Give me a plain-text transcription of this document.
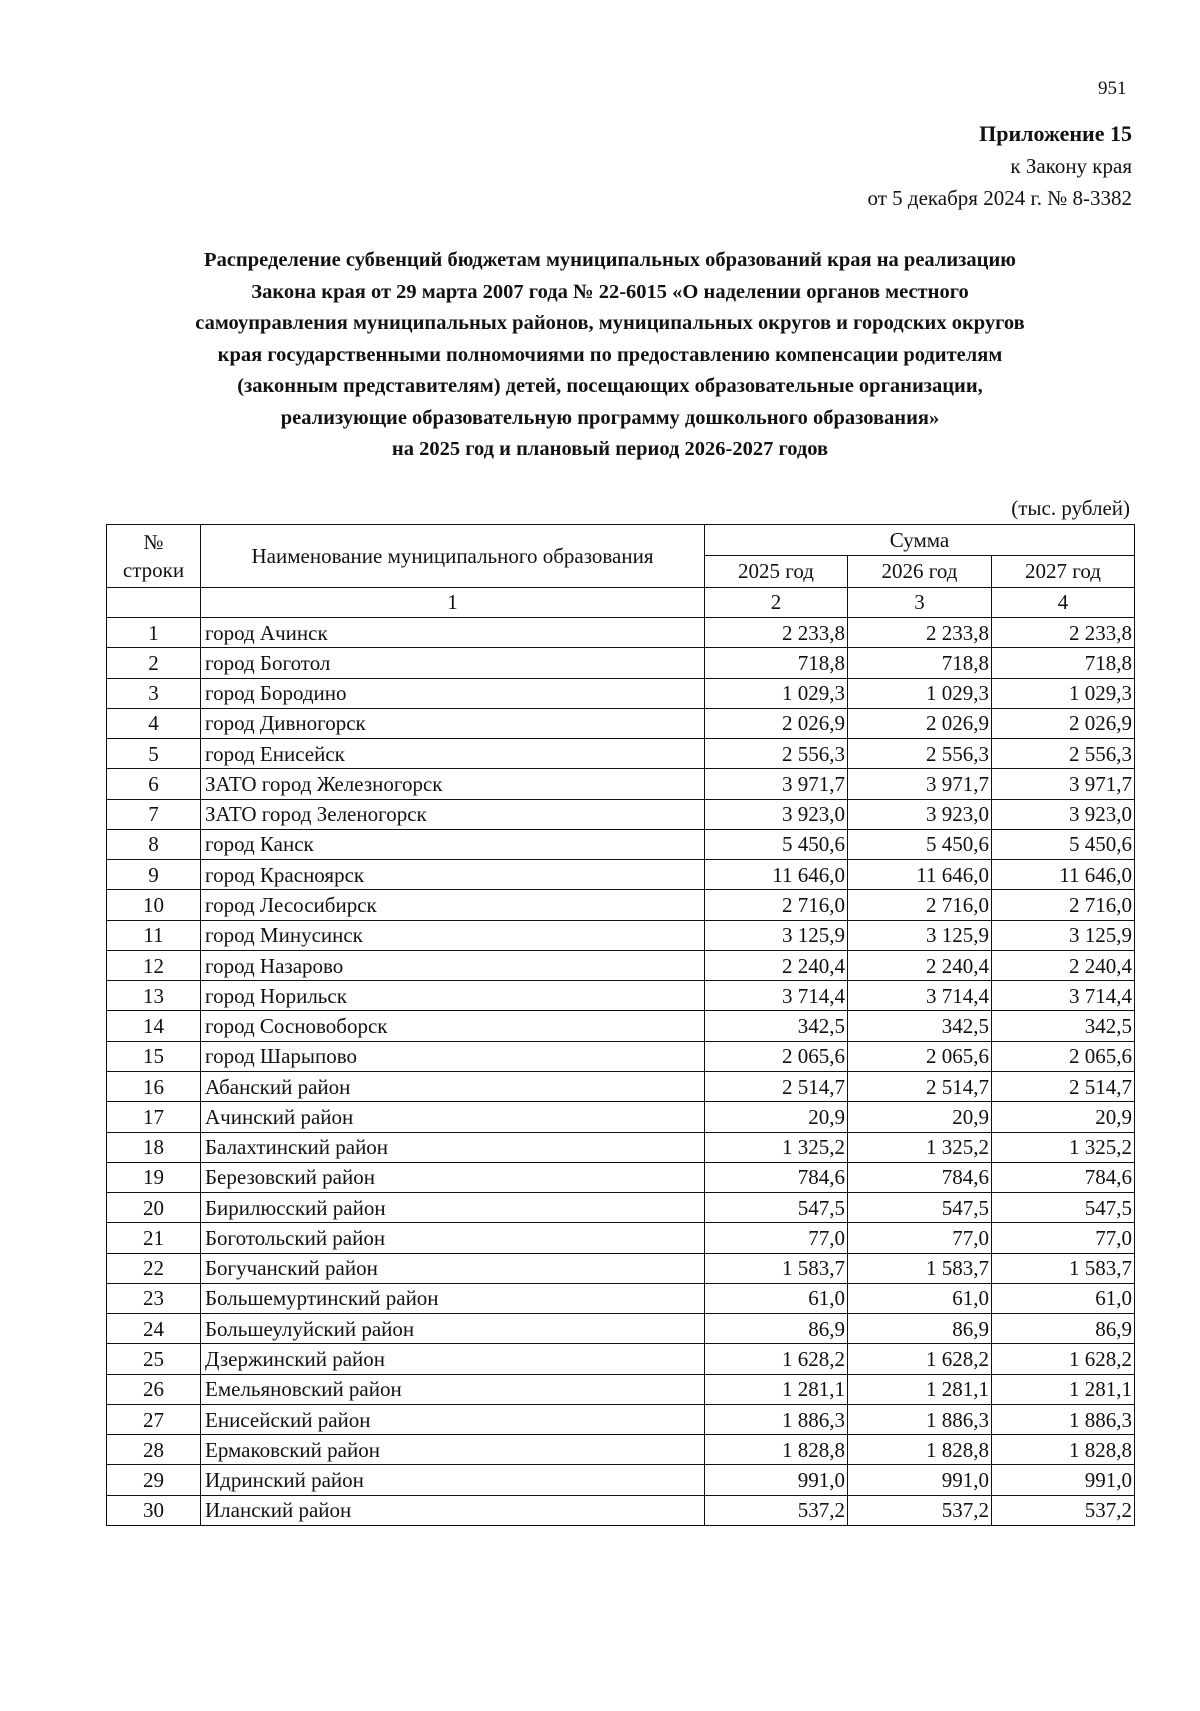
951
Приложение 15
к Закону края
от 5 декабря 2024 г. № 8-3382
Распределение субвенций бюджетам муниципальных образований края на реализацию
Закона края от 29 марта 2007 года № 22-6015 «О наделении органов местного
самоуправления муниципальных районов, муниципальных округов и городских округов
края государственными полномочиями по предоставлению компенсации родителям
(законным представителям) детей, посещающих образовательные организации,
реализующие образовательную программу дошкольного образования»
на 2025 год и плановый период 2026-2027 годов
(тыс. рублей)
№
строки	Наименование муниципального образования	Сумма		
		2025 год	2026 год	2027 год
	1	2	3	4
1	город Ачинск	2 233,8	2 233,8	2 233,8
2	город Боготол	718,8	718,8	718,8
3	город Бородино	1 029,3	1 029,3	1 029,3
4	город Дивногорск	2 026,9	2 026,9	2 026,9
5	город Енисейск	2 556,3	2 556,3	2 556,3
6	ЗАТО город Железногорск	3 971,7	3 971,7	3 971,7
7	ЗАТО город Зеленогорск	3 923,0	3 923,0	3 923,0
8	город Канск	5 450,6	5 450,6	5 450,6
9	город Красноярск	11 646,0	11 646,0	11 646,0
10	город Лесосибирск	2 716,0	2 716,0	2 716,0
11	город Минусинск	3 125,9	3 125,9	3 125,9
12	город Назарово	2 240,4	2 240,4	2 240,4
13	город Норильск	3 714,4	3 714,4	3 714,4
14	город Сосновоборск	342,5	342,5	342,5
15	город Шарыпово	2 065,6	2 065,6	2 065,6
16	Абанский район	2 514,7	2 514,7	2 514,7
17	Ачинский район	20,9	20,9	20,9
18	Балахтинский район	1 325,2	1 325,2	1 325,2
19	Березовский район	784,6	784,6	784,6
20	Бирилюсский район	547,5	547,5	547,5
21	Боготольский район	77,0	77,0	77,0
22	Богучанский район	1 583,7	1 583,7	1 583,7
23	Большемуртинский район	61,0	61,0	61,0
24	Большеулуйский район	86,9	86,9	86,9
25	Дзержинский район	1 628,2	1 628,2	1 628,2
26	Емельяновский район	1 281,1	1 281,1	1 281,1
27	Енисейский район	1 886,3	1 886,3	1 886,3
28	Ермаковский район	1 828,8	1 828,8	1 828,8
29	Идринский район	991,0	991,0	991,0
30	Иланский район	537,2	537,2	537,2
